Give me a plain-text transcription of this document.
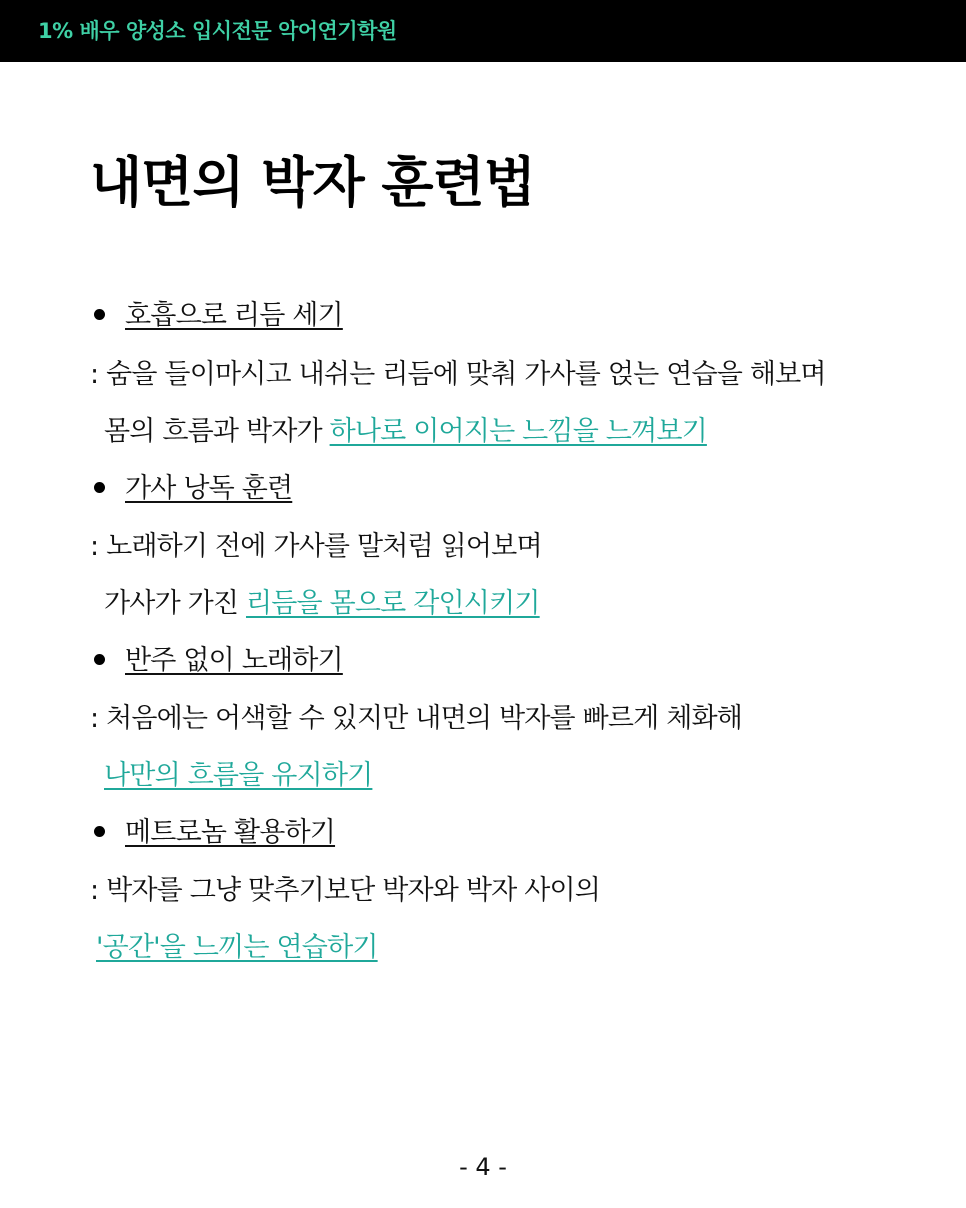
1% 배우 양성소 입시전문 악어연기학원
내면의 박자 훈련법
호흡으로 리듬 세기
: 숨을 들이마시고 내쉬는 리듬에 맞춰 가사를 얹는 연습을 해보며
몸의 흐름과 박자가 하나로 이어지는 느낌을 느껴보기
가사 낭독 훈련
: 노래하기 전에 가사를 말처럼 읽어보며
가사가 가진 리듬을 몸으로 각인시키기
반주 없이 노래하기
: 처음에는 어색할 수 있지만 내면의 박자를 빠르게 체화해
나만의 흐름을 유지하기
메트로놈 활용하기
: 박자를 그냥 맞추기보단 박자와 박자 사이의
'공간'을 느끼는 연습하기
- 4 -
